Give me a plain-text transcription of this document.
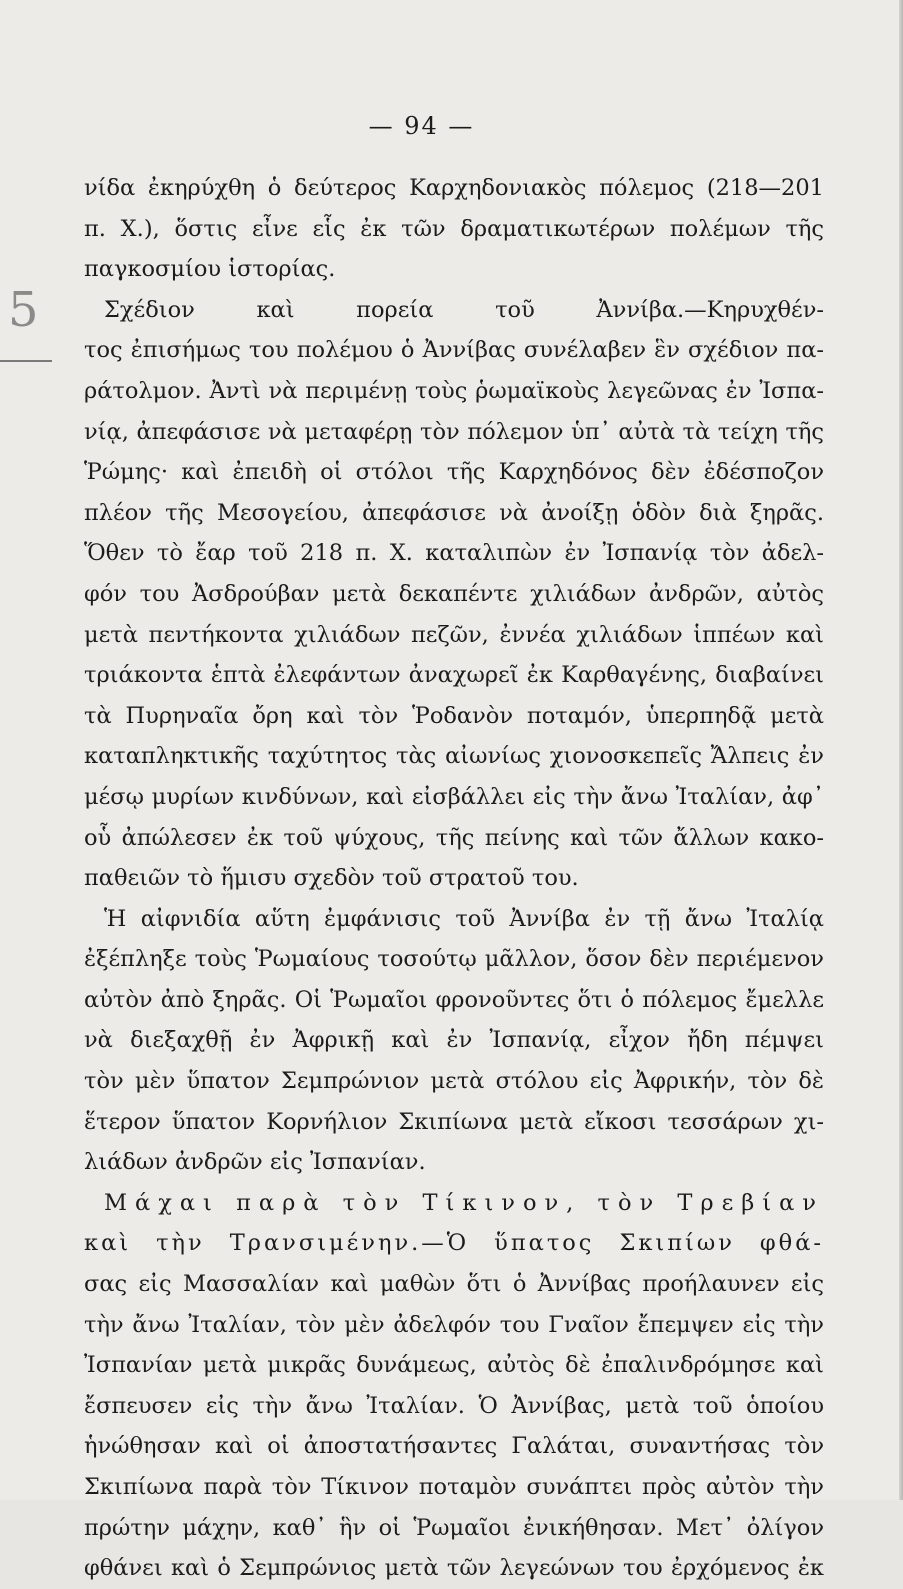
— 94 —
5
νίδα ἐκηρύχθη ὁ δεύτερος Καρχηδονιακὸς πόλεμος (218—201
π. Χ.), ὅστις εἶνε εἷς ἐκ τῶν δραματικωτέρων πολέμων τῆς
παγκοσμίου ἱστορίας.
Σχέδιον καὶ πορεία τοῦ Ἀννίβα.—Κηρυχθέν-
τος ἐπισήμως του πολέμου ὁ Ἀννίβας συνέλαβεν ἓν σχέδιον πα-
ράτολμον. Ἀντὶ νὰ περιμένῃ τοὺς ῥωμαϊκοὺς λεγεῶνας ἐν Ἰσπα-
νίᾳ, ἀπεφάσισε νὰ μεταφέρῃ τὸν πόλεμον ὑπ᾽ αὐτὰ τὰ τείχη τῆς
Ῥώμης· καὶ ἐπειδὴ οἱ στόλοι τῆς Καρχηδόνος δὲν ἐδέσποζον
πλέον τῆς Μεσογείου, ἀπεφάσισε νὰ ἀνοίξῃ ὁδὸν διὰ ξηρᾶς.
Ὅθεν τὸ ἔαρ τοῦ 218 π. Χ. καταλιπὼν ἐν Ἰσπανίᾳ τὸν ἀδελ-
φόν του Ἀσδρούβαν μετὰ δεκαπέντε χιλιάδων ἀνδρῶν, αὐτὸς
μετὰ πεντήκοντα χιλιάδων πεζῶν, ἐννέα χιλιάδων ἱππέων καὶ
τριάκοντα ἑπτὰ ἐλεφάντων ἀναχωρεῖ ἐκ Καρθαγένης, διαβαίνει
τὰ Πυρηναῖα ὄρη καὶ τὸν Ῥοδανὸν ποταμόν, ὑπερπηδᾷ μετὰ
καταπληκτικῆς ταχύτητος τὰς αἰωνίως χιονοσκεπεῖς Ἄλπεις ἐν
μέσῳ μυρίων κινδύνων, καὶ εἰσβάλλει εἰς τὴν ἄνω Ἰταλίαν, ἀφ᾽
οὗ ἀπώλεσεν ἐκ τοῦ ψύχους, τῆς πείνης καὶ τῶν ἄλλων κακο-
παθειῶν τὸ ἥμισυ σχεδὸν τοῦ στρατοῦ του.
Ἡ αἰφνιδία αὕτη ἐμφάνισις τοῦ Ἀννίβα ἐν τῇ ἄνω Ἰταλίᾳ
ἐξέπληξε τοὺς Ῥωμαίους τοσούτῳ μᾶλλον, ὅσον δὲν περιέμενον
αὐτὸν ἀπὸ ξηρᾶς. Οἱ Ῥωμαῖοι φρονοῦντες ὅτι ὁ πόλεμος ἔμελλε
νὰ διεξαχθῇ ἐν Ἀφρικῇ καὶ ἐν Ἰσπανίᾳ, εἶχον ἤδη πέμψει
τὸν μὲν ὕπατον Σεμπρώνιον μετὰ στόλου εἰς Ἀφρικήν, τὸν δὲ
ἕτερον ὕπατον Κορνήλιον Σκιπίωνα μετὰ εἴκοσι τεσσάρων χι-
λιάδων ἀνδρῶν εἰς Ἰσπανίαν.
Μάχαι παρὰ τὸν Τίκινον, τὸν Τρεβίαν
καὶ τὴν Τρανσιμένην.—Ὁ ὕπατος Σκιπίων φθά-
σας εἰς Μασσαλίαν καὶ μαθὼν ὅτι ὁ Ἀννίβας προήλαυνεν εἰς
τὴν ἄνω Ἰταλίαν, τὸν μὲν ἀδελφόν του Γναῖον ἔπεμψεν εἰς τὴν
Ἰσπανίαν μετὰ μικρᾶς δυνάμεως, αὐτὸς δὲ ἐπαλινδρόμησε καὶ
ἔσπευσεν εἰς τὴν ἄνω Ἰταλίαν. Ὁ Ἀννίβας, μετὰ τοῦ ὁποίου
ἡνώθησαν καὶ οἱ ἀποστατήσαντες Γαλάται, συναντήσας τὸν
Σκιπίωνα παρὰ τὸν Τίκινον ποταμὸν συνάπτει πρὸς αὐτὸν τὴν
πρώτην μάχην, καθ᾽ ἣν οἱ Ῥωμαῖοι ἐνικήθησαν. Μετ᾽ ὀλίγον
φθάνει καὶ ὁ Σεμπρώνιος μετὰ τῶν λεγεώνων του ἐρχόμενος ἐκ
